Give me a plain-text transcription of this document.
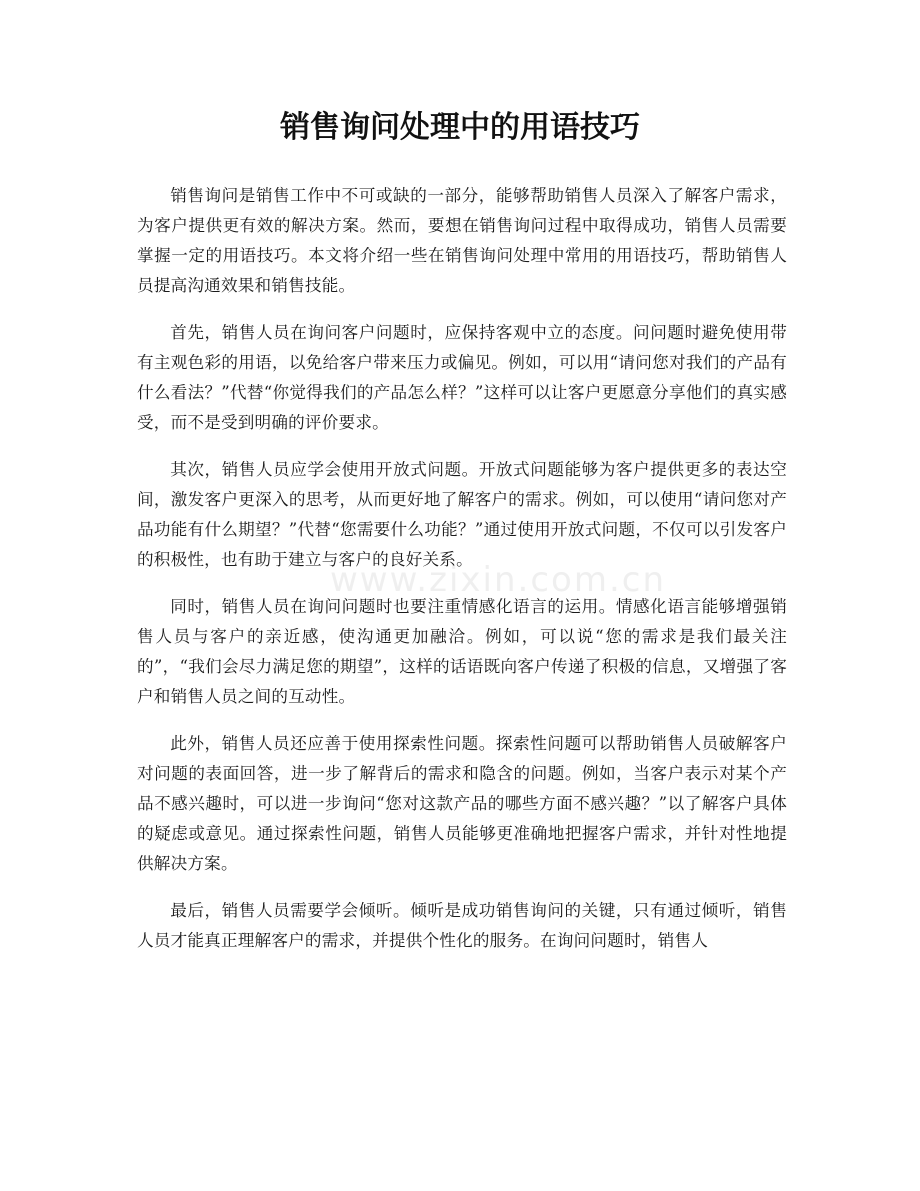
销售询问处理中的用语技巧

销售询问是销售工作中不可或缺的一部分，能够帮助销售人员深入了解客户需求，为客户提供更有效的解决方案。然而，要想在销售询问过程中取得成功，销售人员需要掌握一定的用语技巧。本文将介绍一些在销售询问处理中常用的用语技巧，帮助销售人员提高沟通效果和销售技能。

首先，销售人员在询问客户问题时，应保持客观中立的态度。问问题时避免使用带有主观色彩的用语，以免给客户带来压力或偏见。例如，可以用“请问您对我们的产品有什么看法？”代替“你觉得我们的产品怎么样？”这样可以让客户更愿意分享他们的真实感受，而不是受到明确的评价要求。

其次，销售人员应学会使用开放式问题。开放式问题能够为客户提供更多的表达空间，激发客户更深入的思考，从而更好地了解客户的需求。例如，可以使用“请问您对产品功能有什么期望？”代替“您需要什么功能？”通过使用开放式问题，不仅可以引发客户的积极性，也有助于建立与客户的良好关系。

同时，销售人员在询问问题时也要注重情感化语言的运用。情感化语言能够增强销售人员与客户的亲近感，使沟通更加融洽。例如，可以说“您的需求是我们最关注的”，“我们会尽力满足您的期望”，这样的话语既向客户传递了积极的信息，又增强了客户和销售人员之间的互动性。

此外，销售人员还应善于使用探索性问题。探索性问题可以帮助销售人员破解客户对问题的表面回答，进一步了解背后的需求和隐含的问题。例如，当客户表示对某个产品不感兴趣时，可以进一步询问“您对这款产品的哪些方面不感兴趣？”以了解客户具体的疑虑或意见。通过探索性问题，销售人员能够更准确地把握客户需求，并针对性地提供解决方案。

最后，销售人员需要学会倾听。倾听是成功销售询问的关键，只有通过倾听，销售人员才能真正理解客户的需求，并提供个性化的服务。在询问问题时，销售人

www.zixin.com.cn
